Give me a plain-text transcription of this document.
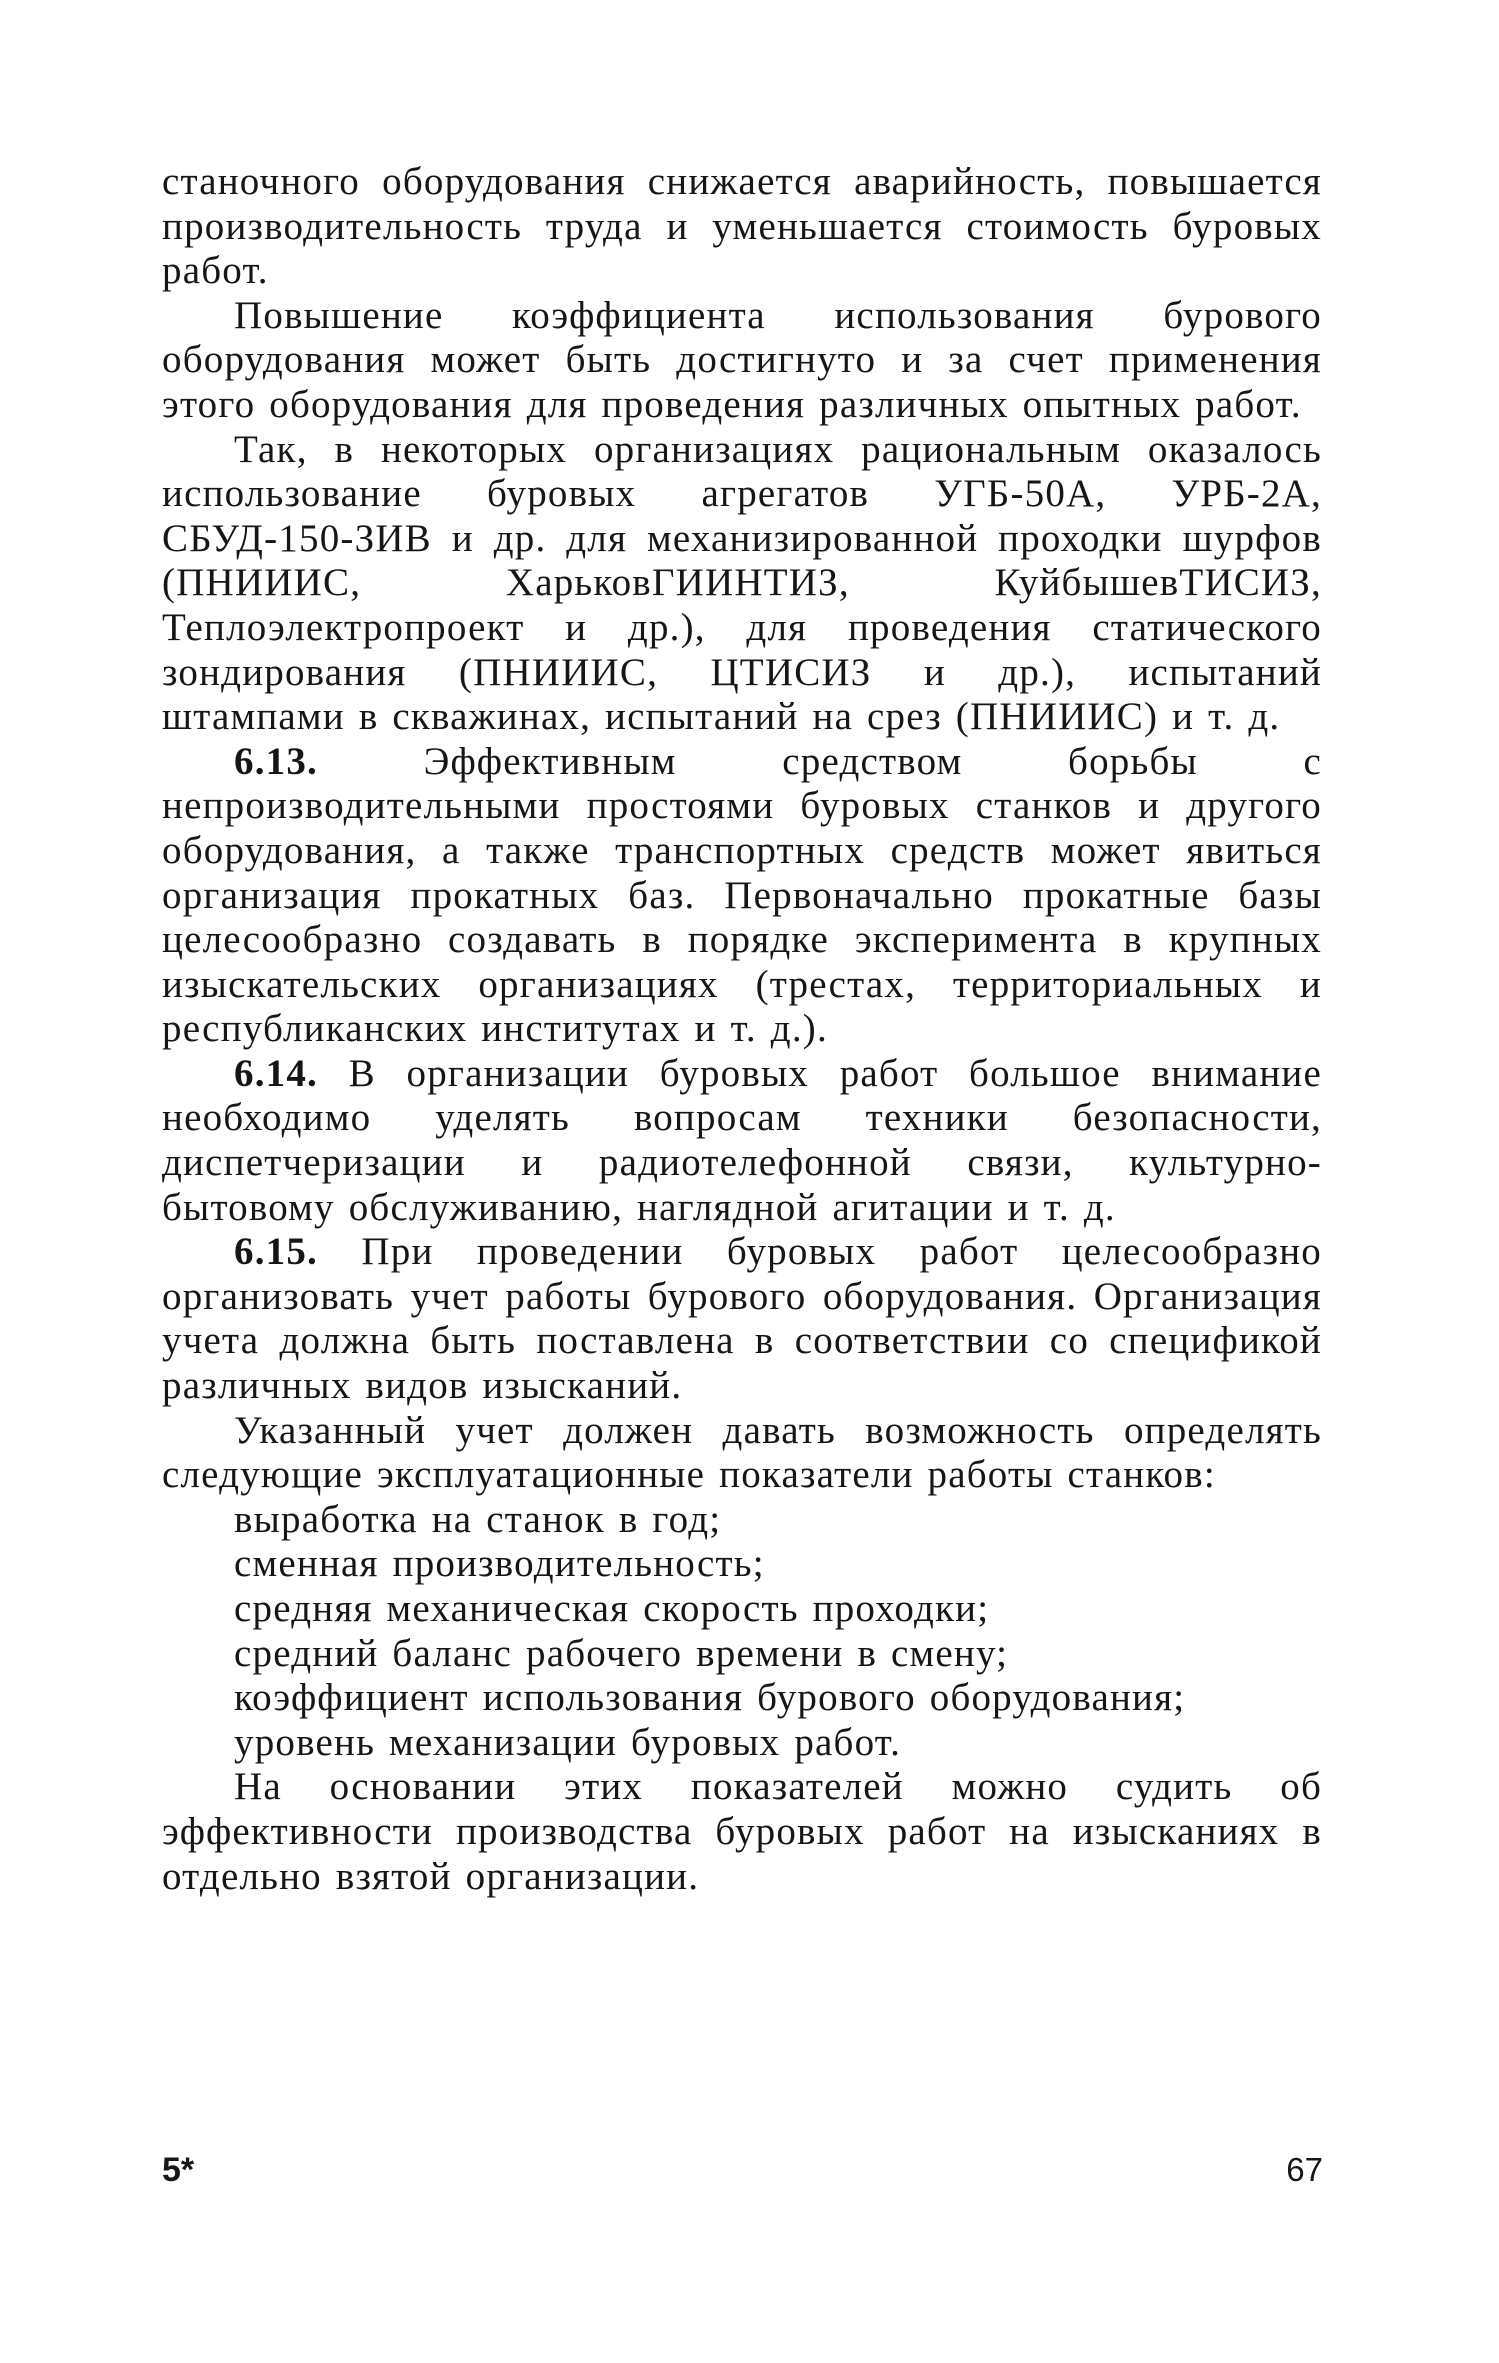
станочного оборудования снижается аварийность, повышается производительность труда и уменьшается стоимость буровых работ.

Повышение коэффициента использования бурового оборудования может быть достигнуто и за счет применения этого оборудования для проведения различных опытных работ.

Так, в некоторых организациях рациональным оказалось использование буровых агрегатов УГБ-50А, УРБ-2А, СБУД-150-ЗИВ и др. для механизированной проходки шурфов (ПНИИИС, ХарьковГИИНТИЗ, КуйбышевТИСИЗ, Теплоэлектропроект и др.), для проведения статического зондирования (ПНИИИС, ЦТИСИЗ и др.), испытаний штампами в скважинах, испытаний на срез (ПНИИИС) и т. д.

6.13.	Эффективным средством борьбы с непроизводительными простоями буровых станков и другого оборудования, а также транспортных средств может явиться организация прокатных баз. Первоначально прокатные базы целесообразно создавать в порядке эксперимента в крупных изыскательских организациях (трестах, территориальных и республиканских институтах и т. д.).

6.14. В организации буровых работ большое внимание необходимо уделять вопросам техники безопасности, диспетчеризации и радиотелефонной связи, культурно-бытовому обслуживанию, наглядной агитации и т. д.

6.15. При проведении буровых работ целесообразно организовать учет работы бурового оборудования. Организация учета должна быть поставлена в соответствии со спецификой различных видов изысканий.

Указанный учет должен давать возможность определять следующие эксплуатационные показатели работы станков:

выработка на станок в год;
сменная производительность;
средняя механическая скорость проходки;
средний баланс рабочего времени в смену;
коэффициент использования бурового оборудования;
уровень механизации буровых работ.

На основании этих показателей можно судить об эффективности производства буровых работ на изысканиях в отдельно взятой организации.

5*	67
